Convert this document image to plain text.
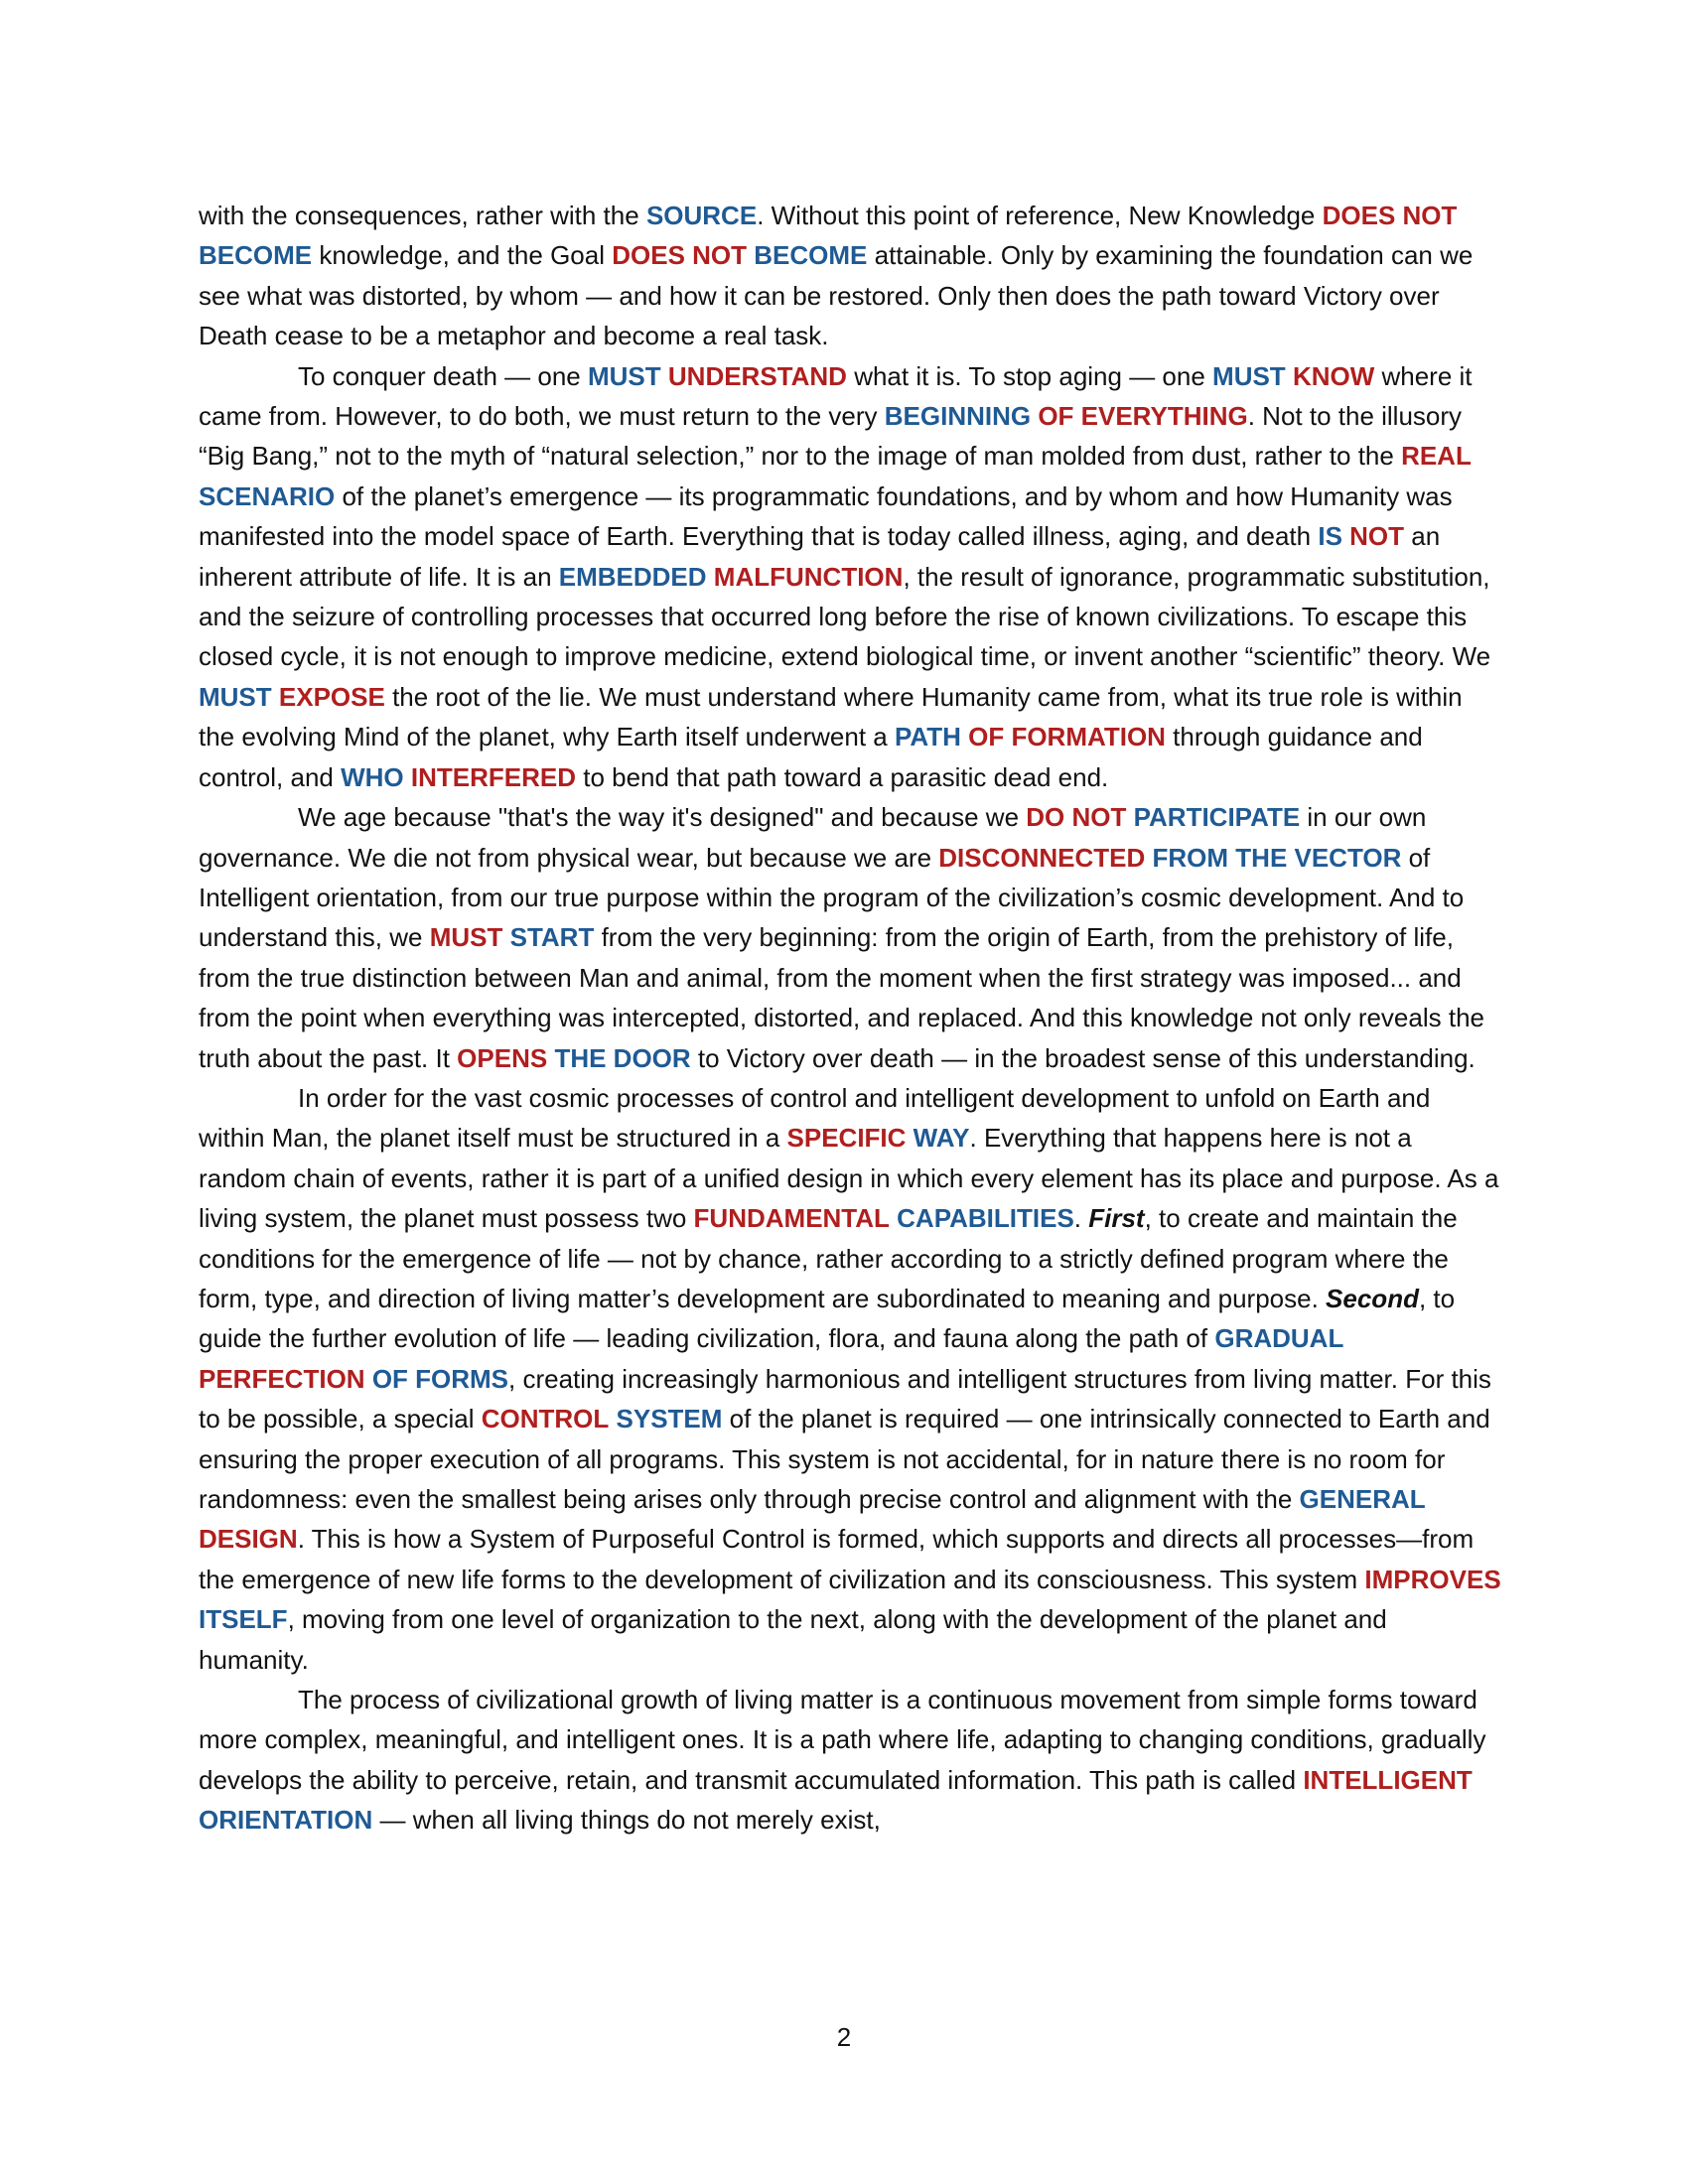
with the consequences, rather with the SOURCE. Without this point of reference, New Knowledge DOES NOT BECOME knowledge, and the Goal DOES NOT BECOME attainable. Only by examining the foundation can we see what was distorted, by whom — and how it can be restored. Only then does the path toward Victory over Death cease to be a metaphor and become a real task.

To conquer death — one MUST UNDERSTAND what it is. To stop aging — one MUST KNOW where it came from. However, to do both, we must return to the very BEGINNING OF EVERYTHING. Not to the illusory “Big Bang,” not to the myth of “natural selection,” nor to the image of man molded from dust, rather to the REAL SCENARIO of the planet’s emergence — its programmatic foundations, and by whom and how Humanity was manifested into the model space of Earth. Everything that is today called illness, aging, and death IS NOT an inherent attribute of life. It is an EMBEDDED MALFUNCTION, the result of ignorance, programmatic substitution, and the seizure of controlling processes that occurred long before the rise of known civilizations. To escape this closed cycle, it is not enough to improve medicine, extend biological time, or invent another “scientific” theory. We MUST EXPOSE the root of the lie. We must understand where Humanity came from, what its true role is within the evolving Mind of the planet, why Earth itself underwent a PATH OF FORMATION through guidance and control, and WHO INTERFERED to bend that path toward a parasitic dead end.

We age because "that's the way it's designed" and because we DO NOT PARTICIPATE in our own governance. We die not from physical wear, but because we are DISCONNECTED FROM THE VECTOR of Intelligent orientation, from our true purpose within the program of the civilization’s cosmic development. And to understand this, we MUST START from the very beginning: from the origin of Earth, from the prehistory of life, from the true distinction between Man and animal, from the moment when the first strategy was imposed... and from the point when everything was intercepted, distorted, and replaced. And this knowledge not only reveals the truth about the past. It OPENS THE DOOR to Victory over death — in the broadest sense of this understanding.

In order for the vast cosmic processes of control and intelligent development to unfold on Earth and within Man, the planet itself must be structured in a SPECIFIC WAY. Everything that happens here is not a random chain of events, rather it is part of a unified design in which every element has its place and purpose. As a living system, the planet must possess two FUNDAMENTAL CAPABILITIES. First, to create and maintain the conditions for the emergence of life — not by chance, rather according to a strictly defined program where the form, type, and direction of living matter’s development are subordinated to meaning and purpose. Second, to guide the further evolution of life — leading civilization, flora, and fauna along the path of GRADUAL PERFECTION OF FORMS, creating increasingly harmonious and intelligent structures from living matter. For this to be possible, a special CONTROL SYSTEM of the planet is required — one intrinsically connected to Earth and ensuring the proper execution of all programs. This system is not accidental, for in nature there is no room for randomness: even the smallest being arises only through precise control and alignment with the GENERAL DESIGN. This is how a System of Purposeful Control is formed, which supports and directs all processes—from the emergence of new life forms to the development of civilization and its consciousness. This system IMPROVES ITSELF, moving from one level of organization to the next, along with the development of the planet and humanity.

The process of civilizational growth of living matter is a continuous movement from simple forms toward more complex, meaningful, and intelligent ones. It is a path where life, adapting to changing conditions, gradually develops the ability to perceive, retain, and transmit accumulated information. This path is called INTELLIGENT ORIENTATION — when all living things do not merely exist,

2
